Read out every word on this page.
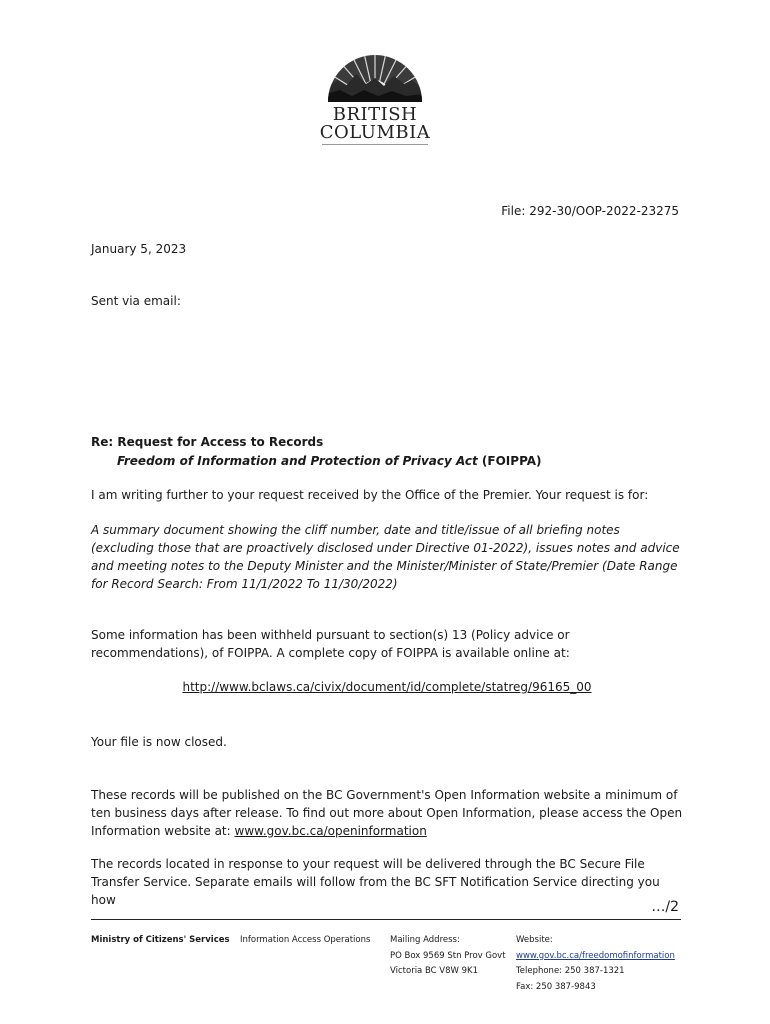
BRITISH
COLUMBIA
File: 292-30/OOP-2022-23275
January 5, 2023
Sent via email:
Re: Request for Access to Records
Freedom of Information and Protection of Privacy Act (FOIPPA)
I am writing further to your request received by the Office of the Premier. Your request is for:
A summary document showing the cliff number, date and title/issue of all briefing notes (excluding those that are proactively disclosed under Directive 01-2022), issues notes and advice and meeting notes to the Deputy Minister and the Minister/Minister of State/Premier (Date Range for Record Search: From 11/1/2022 To 11/30/2022)
Some information has been withheld pursuant to section(s) 13 (Policy advice or recommendations), of FOIPPA. A complete copy of FOIPPA is available online at:
http://www.bclaws.ca/civix/document/id/complete/statreg/96165_00
Your file is now closed.
These records will be published on the BC Government's Open Information website a minimum of ten business days after release. To find out more about Open Information, please access the Open Information website at: www.gov.bc.ca/openinformation
The records located in response to your request will be delivered through the BC Secure File Transfer Service. Separate emails will follow from the BC SFT Notification Service directing you how	…/2
Ministry of Citizens' Services Information Access Operations Mailing Address:
PO Box 9569 Stn Prov Govt
Victoria BC V8W 9K1
Website:
www.gov.bc.ca/freedomofinformation
Telephone: 250 387-1321
Fax: 250 387-9843
